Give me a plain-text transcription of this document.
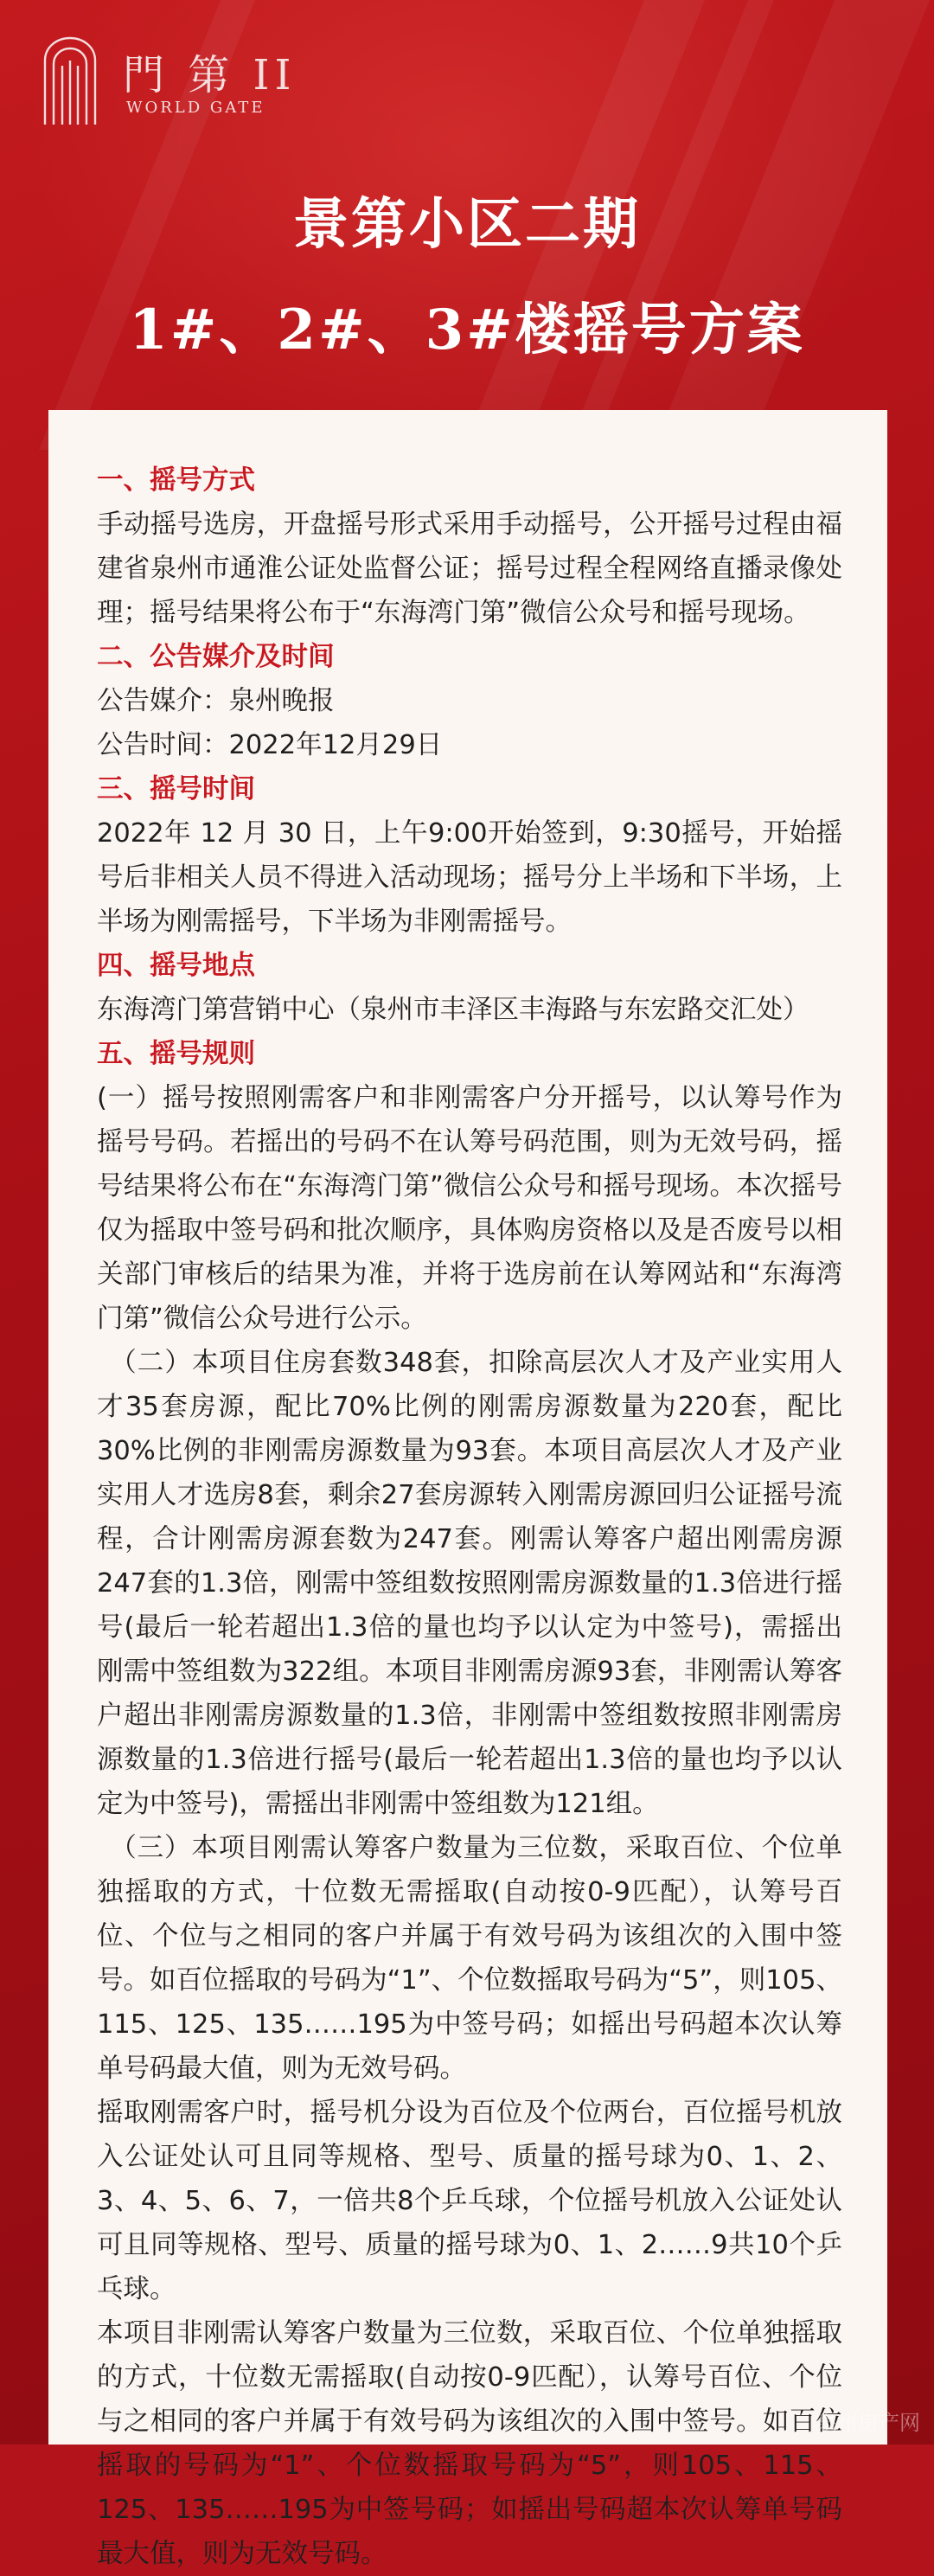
門 第 II
WORLD GATE
景第小区二期
1#、2#、3#楼摇号方案

一、摇号方式

手动摇号选房，开盘摇号形式采用手动摇号，公开摇号过程由福建省泉州市通淮公证处监督公证；摇号过程全程网络直播录像处理；摇号结果将公布于“东海湾门第”微信公众号和摇号现场。

二、公告媒介及时间

公告媒介：泉州晚报

公告时间：2022年12月29日

三、摇号时间

2022年 12 月 30 日，上午9:00开始签到，9:30摇号，开始摇号后非相关人员不得进入活动现场；摇号分上半场和下半场，上半场为刚需摇号，下半场为非刚需摇号。

四、摇号地点

东海湾门第营销中心（泉州市丰泽区丰海路与东宏路交汇处）

五、摇号规则

(一）摇号按照刚需客户和非刚需客户分开摇号，以认筹号作为摇号号码。若摇出的号码不在认筹号码范围，则为无效号码，摇号结果将公布在“东海湾门第”微信公众号和摇号现场。本次摇号仅为摇取中签号码和批次顺序，具体购房资格以及是否废号以相关部门审核后的结果为准，并将于选房前在认筹网站和“东海湾门第”微信公众号进行公示。

（二）本项目住房套数348套，扣除高层次人才及产业实用人才35套房源，配比70%比例的刚需房源数量为220套，配比30%比例的非刚需房源数量为93套。本项目高层次人才及产业实用人才选房8套，剩余27套房源转入刚需房源回归公证摇号流程，合计刚需房源套数为247套。刚需认筹客户超出刚需房源247套的1.3倍，刚需中签组数按照刚需房源数量的1.3倍进行摇号(最后一轮若超出1.3倍的量也均予以认定为中签号)，需摇出刚需中签组数为322组。本项目非刚需房源93套，非刚需认筹客户超出非刚需房源数量的1.3倍，非刚需中签组数按照非刚需房源数量的1.3倍进行摇号(最后一轮若超出1.3倍的量也均予以认定为中签号)，需摇出非刚需中签组数为121组。

（三）本项目刚需认筹客户数量为三位数，采取百位、个位单独摇取的方式，十位数无需摇取(自动按0-9匹配），认筹号百位、个位与之相同的客户并属于有效号码为该组次的入围中签号。如百位摇取的号码为“1”、个位数摇取号码为“5”，则105、115、125、135……195为中签号码；如摇出号码超本次认筹单号码最大值，则为无效号码。

摇取刚需客户时，摇号机分设为百位及个位两台，百位摇号机放入公证处认可且同等规格、型号、质量的摇号球为0、1、2、3、4、5、6、7，一倍共8个乒乓球，个位摇号机放入公证处认可且同等规格、型号、质量的摇号球为0、1、2……9共10个乒乓球。

本项目非刚需认筹客户数量为三位数，采取百位、个位单独摇取的方式，十位数无需摇取(自动按0-9匹配），认筹号百位、个位与之相同的客户并属于有效号码为该组次的入围中签号。如百位摇取的号码为“1”、个位数摇取号码为“5”，则105、115、125、135……195为中签号码；如摇出号码超本次认筹单号码最大值，则为无效号码。

泉州房产网
